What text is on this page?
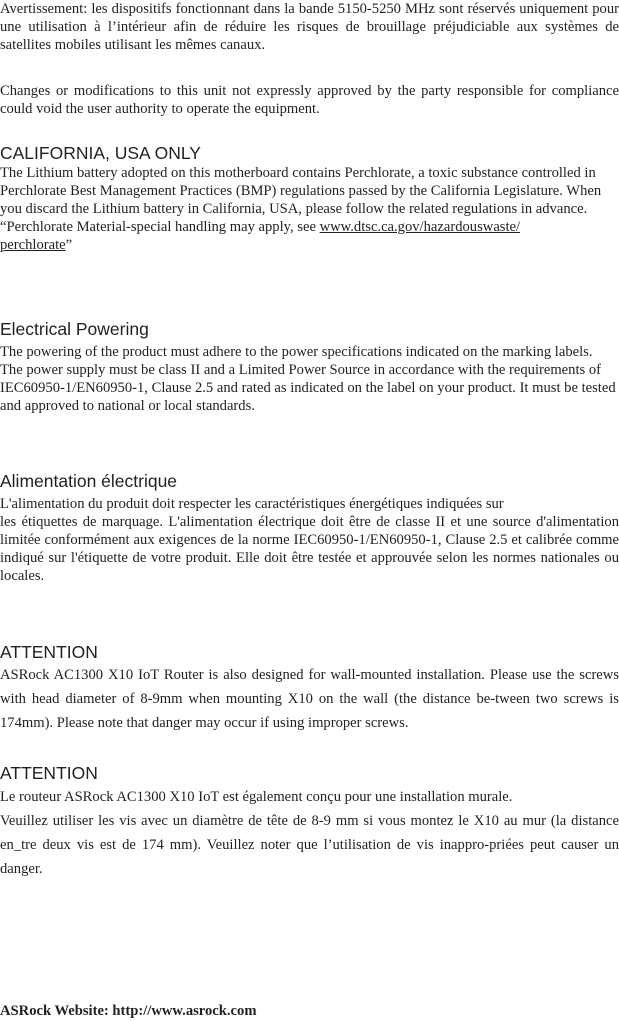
Avertissement: les dispositifs fonctionnant dans la bande 5150-5250 MHz sont réservés uniquement pour une utilisation à l’intérieur afin de réduire les risques de brouillage préjudiciable aux systèmes de satellites mobiles utilisant les mêmes canaux.

Changes or modifications to this unit not expressly approved by the party responsible for compliance could void the user authority to operate the equipment.

CALIFORNIA, USA ONLY

The Lithium battery adopted on this motherboard contains Perchlorate, a toxic substance controlled in Perchlorate Best Management Practices (BMP) regulations passed by the California Legislature. When you discard the Lithium battery in California, USA, please follow the related regulations in advance.

“Perchlorate Material-special handling may apply, see www.dtsc.ca.gov/hazardouswaste/
perchlorate”

Electrical Powering

The powering of the product must adhere to the power specifications indicated on the marking labels.

The power supply must be class II and a Limited Power Source in accordance with the requirements of IEC60950-1/EN60950-1, Clause 2.5 and rated as indicated on the label on your product. It must be tested and approved to national or local standards.

Alimentation électrique

L'alimentation du produit doit respecter les caractéristiques énergétiques indiquées sur

les étiquettes de marquage. L'alimentation électrique doit être de classe II et une source d'alimentation limitée conformément aux exigences de la norme IEC60950-1/EN60950-1, Clause 2.5 et calibrée comme indiqué sur l'étiquette de votre produit. Elle doit être testée et approuvée selon les normes nationales ou locales.

ATTENTION

ASRock AC1300 X10 IoT Router is also designed for wall-mounted installation. Please use the screws with head diameter of 8-9mm when mounting X10 on the wall (the distance be-tween two screws is 174mm). Please note that danger may occur if using improper screws.

ATTENTION

Le routeur ASRock AC1300 X10 IoT est également conçu pour une installation murale.

Veuillez utiliser les vis avec un diamètre de tête de 8-9 mm si vous montez le X10 au mur (la distance en_tre deux vis est de 174 mm). Veuillez noter que l’utilisation de vis inappro-priées peut causer un danger.

ASRock Website: http://www.asrock.com
